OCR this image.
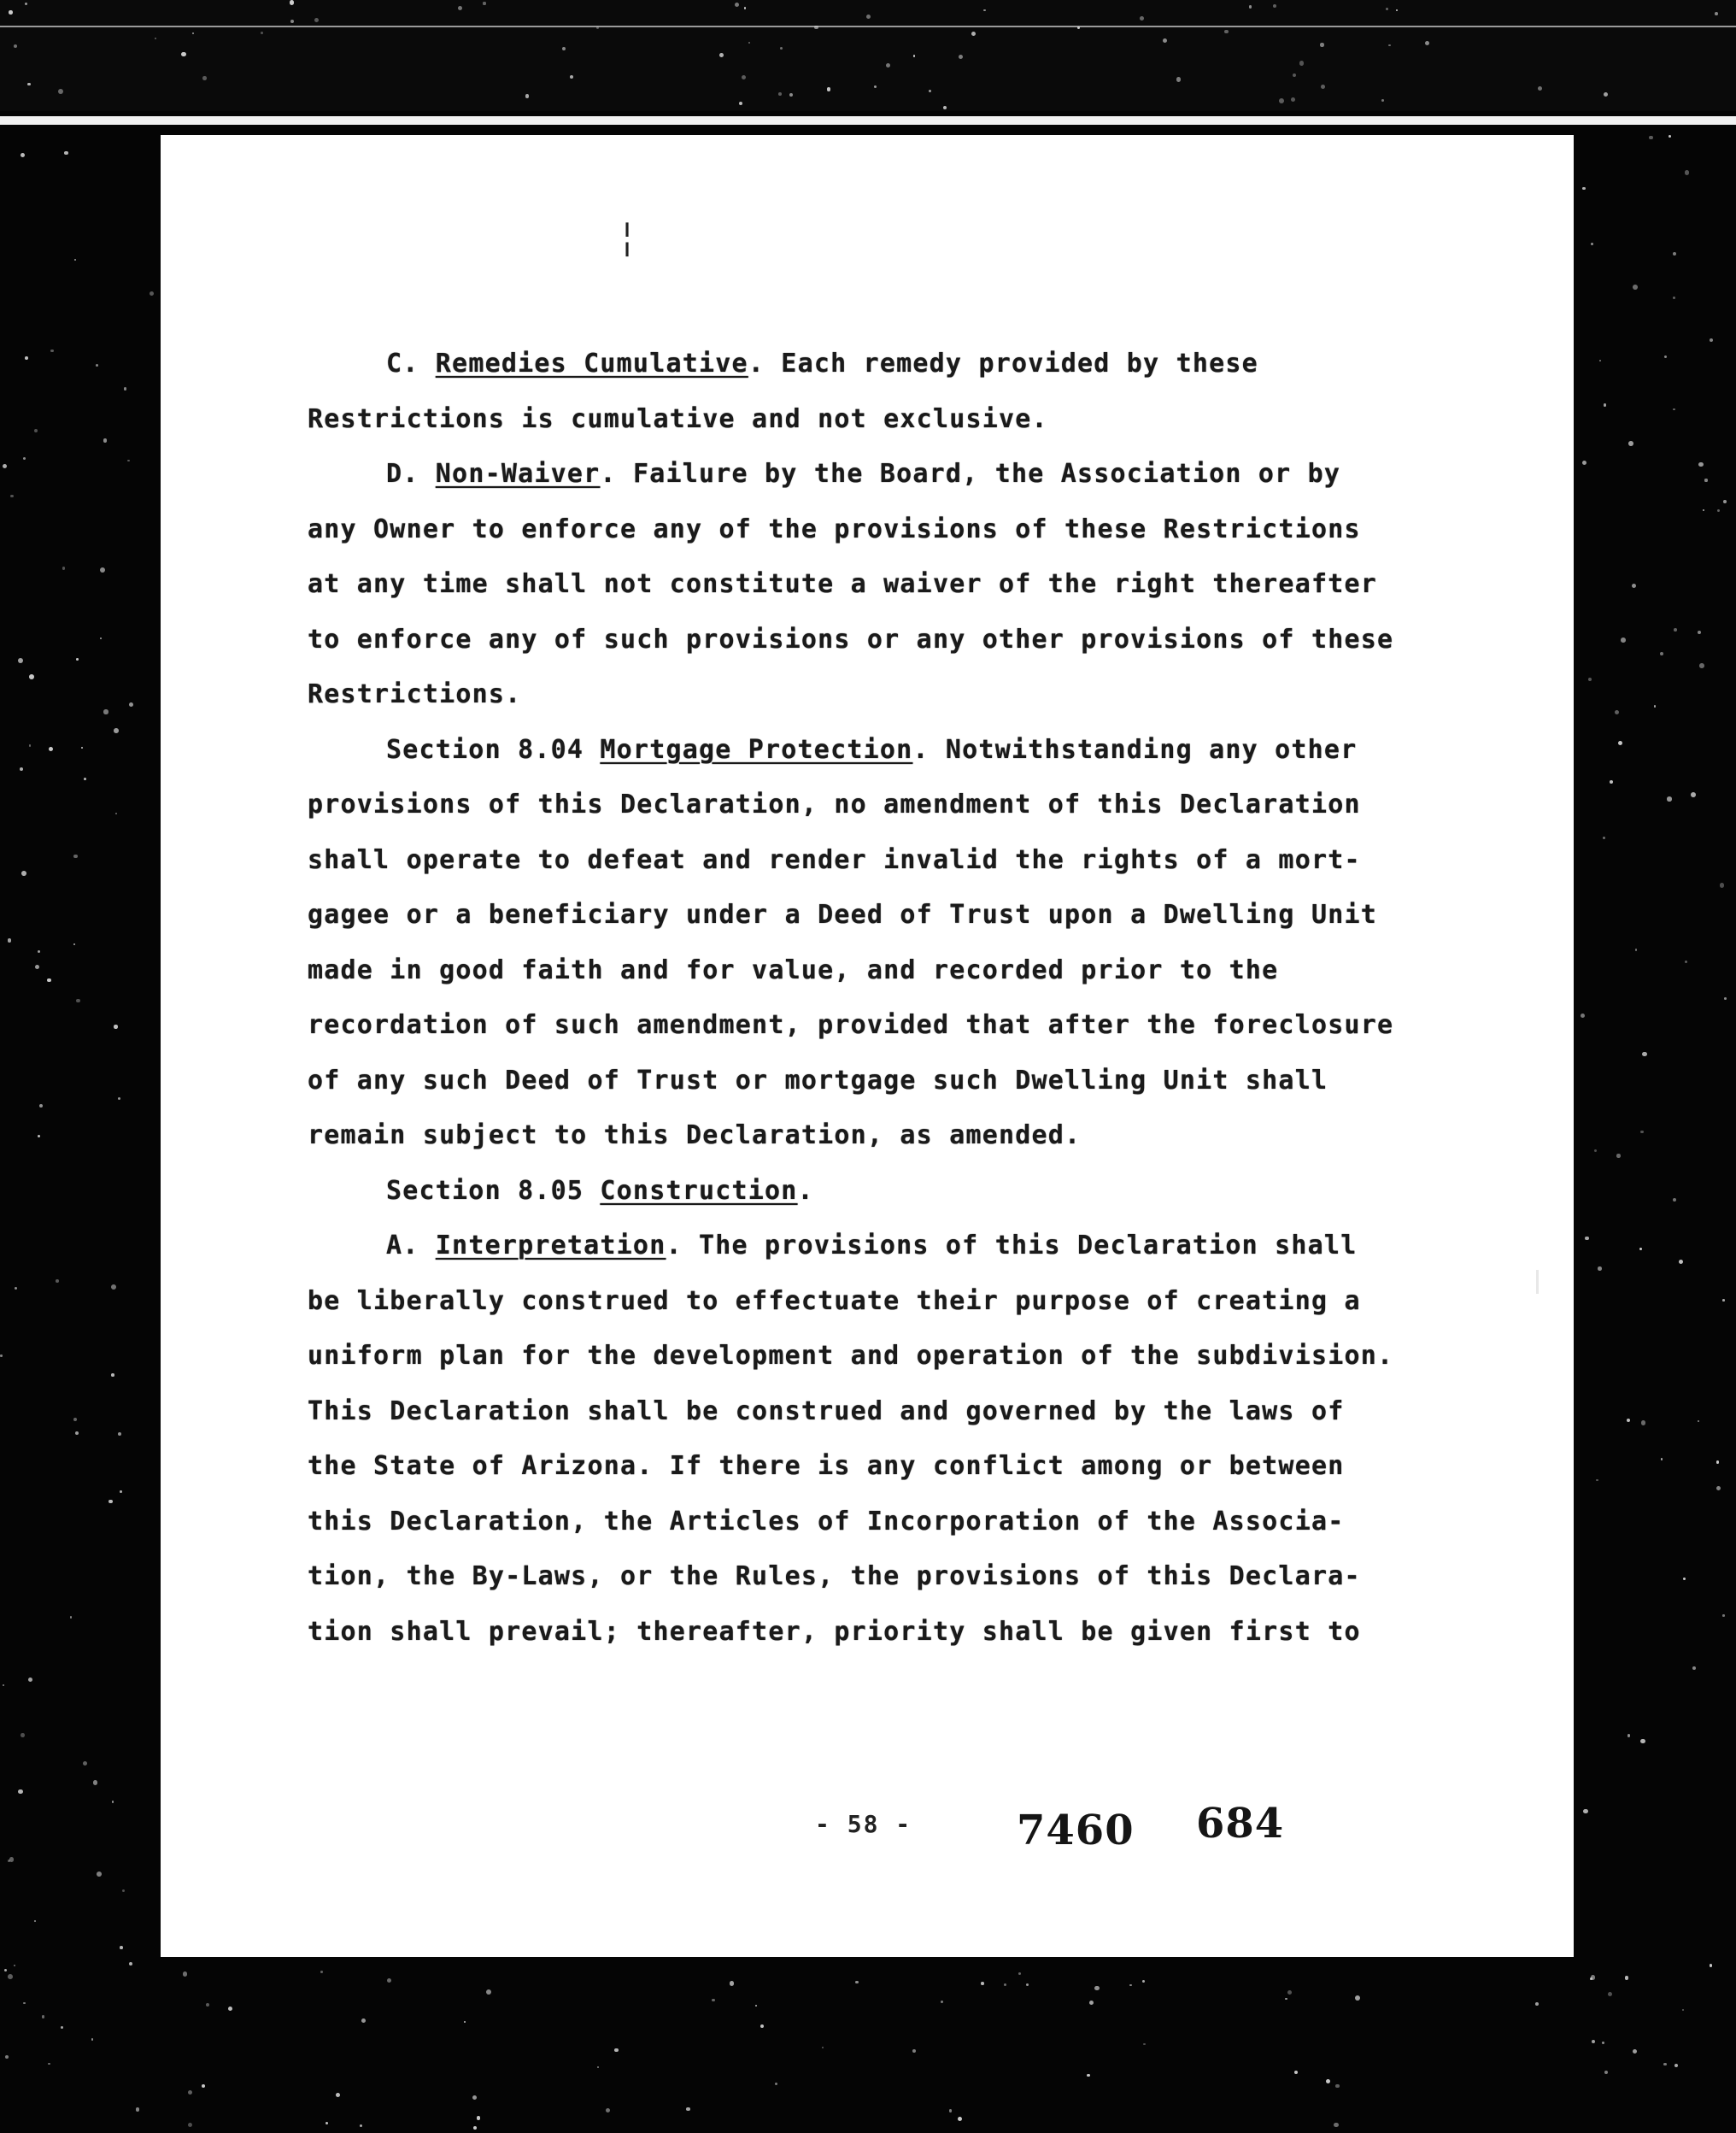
╎
C. Remedies Cumulative. Each remedy provided by these
Restrictions is cumulative and not exclusive.
D. Non-Waiver. Failure by the Board, the Association or by
any Owner to enforce any of the provisions of these Restrictions
at any time shall not constitute a waiver of the right thereafter
to enforce any of such provisions or any other provisions of these
Restrictions.
Section 8.04 Mortgage Protection. Notwithstanding any other
provisions of this Declaration, no amendment of this Declaration
shall operate to defeat and render invalid the rights of a mort-
gagee or a beneficiary under a Deed of Trust upon a Dwelling Unit
made in good faith and for value, and recorded prior to the
recordation of such amendment, provided that after the foreclosure
of any such Deed of Trust or mortgage such Dwelling Unit shall
remain subject to this Declaration, as amended.
Section 8.05 Construction.
A. Interpretation. The provisions of this Declaration shall
be liberally construed to effectuate their purpose of creating a
uniform plan for the development and operation of the subdivision.
This Declaration shall be construed and governed by the laws of
the State of Arizona. If there is any conflict among or between
this Declaration, the Articles of Incorporation of the Associa-
tion, the By-Laws, or the Rules, the provisions of this Declara-
tion shall prevail; thereafter, priority shall be given first to
- 58 -	7460 684
